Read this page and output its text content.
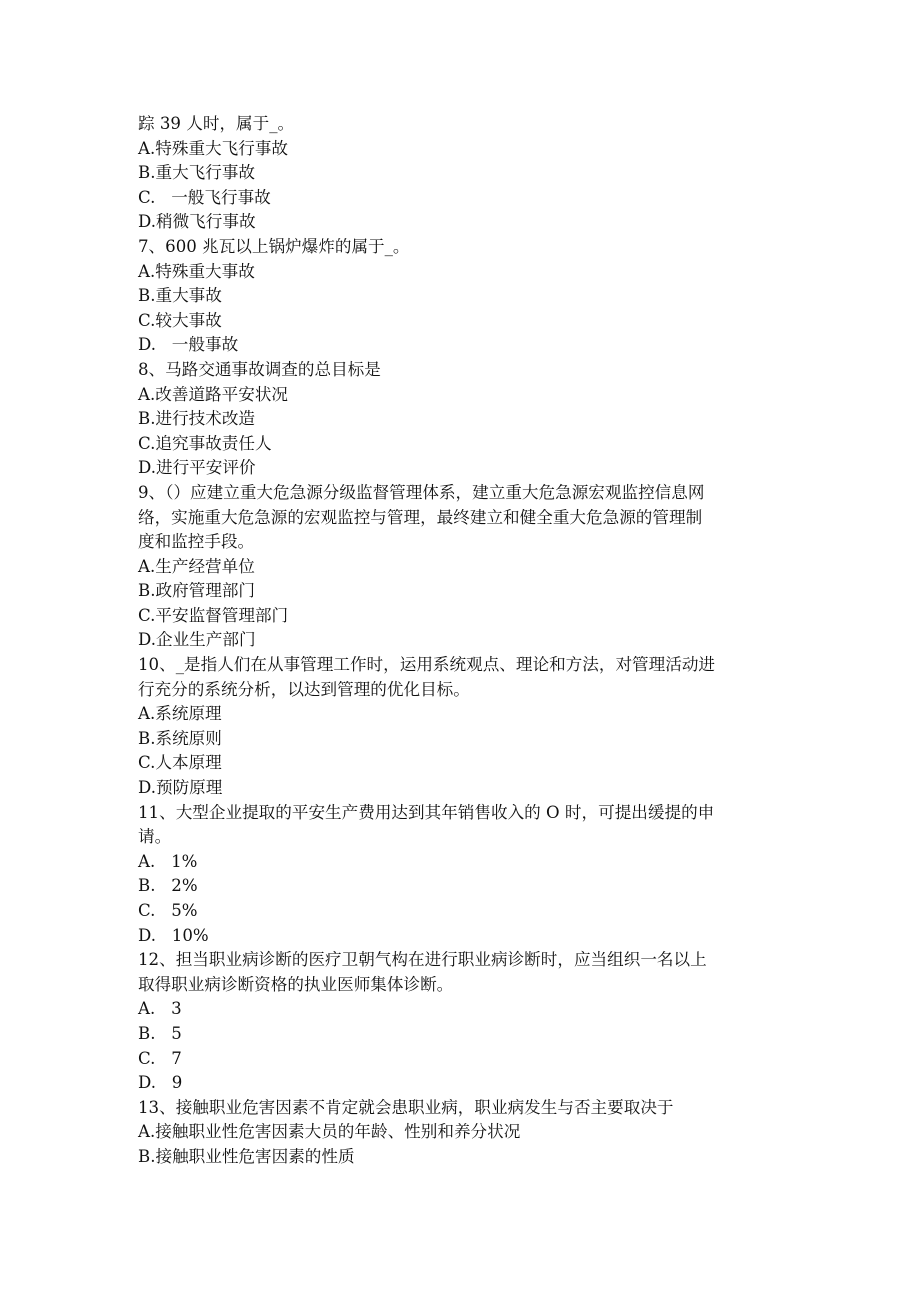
踪 39 人时，属于_。
A.特殊重大飞行事故
B.重大飞行事故
C.   一般飞行事故
D.稍微飞行事故
7、600 兆瓦以上锅炉爆炸的属于_。
A.特殊重大事故
B.重大事故
C.较大事故
D.   一般事故
8、马路交通事故调查的总目标是
A.改善道路平安状况
B.进行技术改造
C.追究事故责任人
D.进行平安评价
9、（）应建立重大危急源分级监督管理体系，建立重大危急源宏观监控信息网
络，实施重大危急源的宏观监控与管理，最终建立和健全重大危急源的管理制
度和监控手段。
A.生产经营单位
B.政府管理部门
C.平安监督管理部门
D.企业生产部门
10、_是指人们在从事管理工作时，运用系统观点、理论和方法，对管理活动进
行充分的系统分析，以达到管理的优化目标。
A.系统原理
B.系统原则
C.人本原理
D.预防原理
11、大型企业提取的平安生产费用达到其年销售收入的 O 时，可提出缓提的申
请。
A.   1%
B.   2%
C.   5%
D.   10%
12、担当职业病诊断的医疗卫朝气构在进行职业病诊断时，应当组织一名以上
取得职业病诊断资格的执业医师集体诊断。
A.   3
B.   5
C.   7
D.   9
13、接触职业危害因素不肯定就会患职业病，职业病发生与否主要取决于
A.接触职业性危害因素大员的年龄、性别和养分状况
B.接触职业性危害因素的性质
